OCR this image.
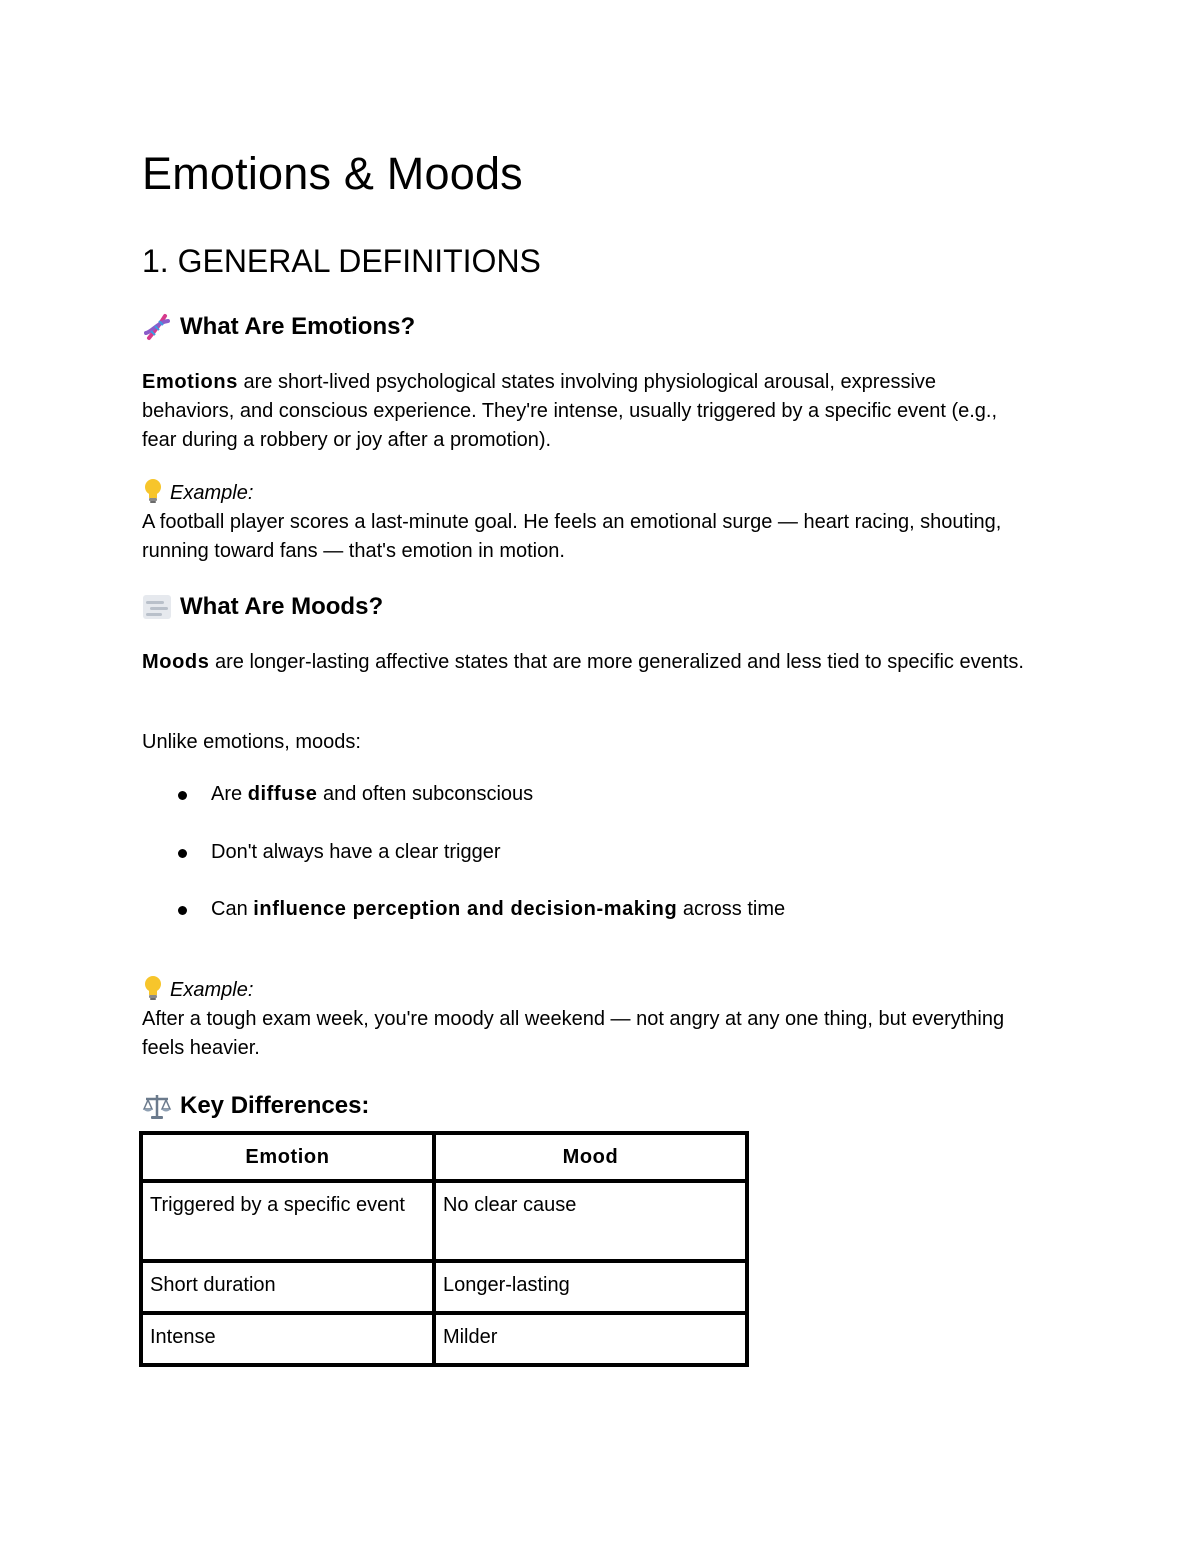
Emotions & Moods
1. GENERAL DEFINITIONS
What Are Emotions?

Emotions are short-lived psychological states involving physiological arousal, expressive behaviors, and conscious experience. They're intense, usually triggered by a specific event (e.g., fear during a robbery or joy after a promotion).

Example:
A football player scores a last-minute goal. He feels an emotional surge — heart racing, shouting, running toward fans — that's emotion in motion.

What Are Moods?

Moods are longer-lasting affective states that are more generalized and less tied to specific events.

Unlike emotions, moods:

Are diffuse and often subconscious
Don't always have a clear trigger
Can influence perception and decision-making across time

Example:
After a tough exam week, you're moody all weekend — not angry at any one thing, but everything feels heavier.

Key Differences:
Emotion	Mood
Triggered by a specific event	No clear cause
Short duration	Longer-lasting
Intense	Milder
